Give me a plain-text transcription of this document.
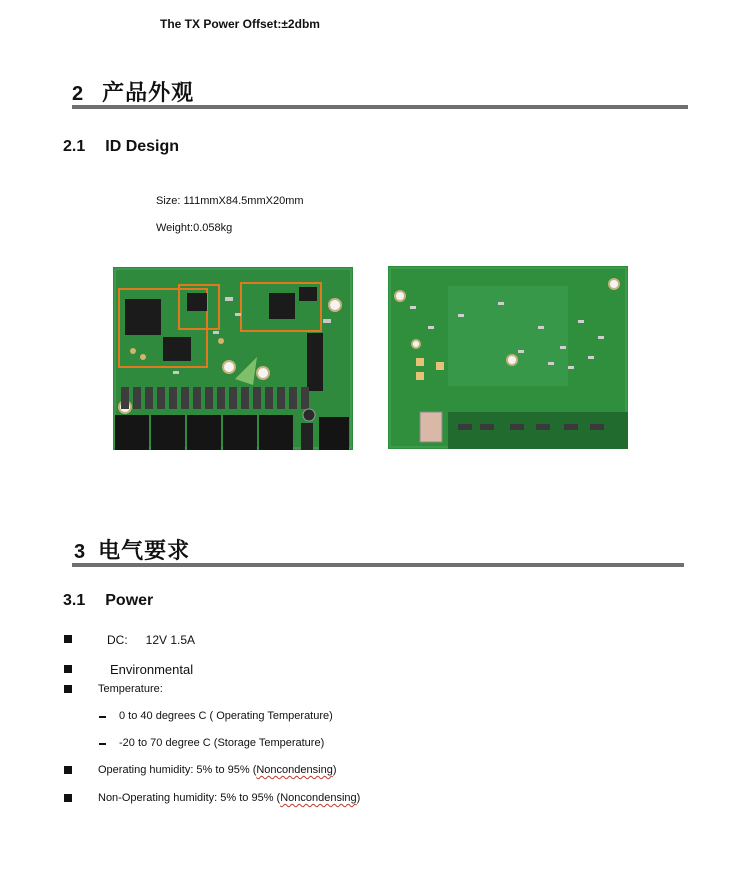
The TX Power Offset:±2dbm
2 产品外观
2.1 ID Design
Size: 111mmX84.5mmX20mm
Weight:0.058kg
3 电气要求
3.1 Power
DC: 12V 1.5A
Environmental
Temperature:
0 to 40 degrees C ( Operating Temperature)
-20 to 70 degree C (Storage Temperature)
Operating humidity: 5% to 95% (Noncondensing)
Non-Operating humidity: 5% to 95% (Noncondensing)
